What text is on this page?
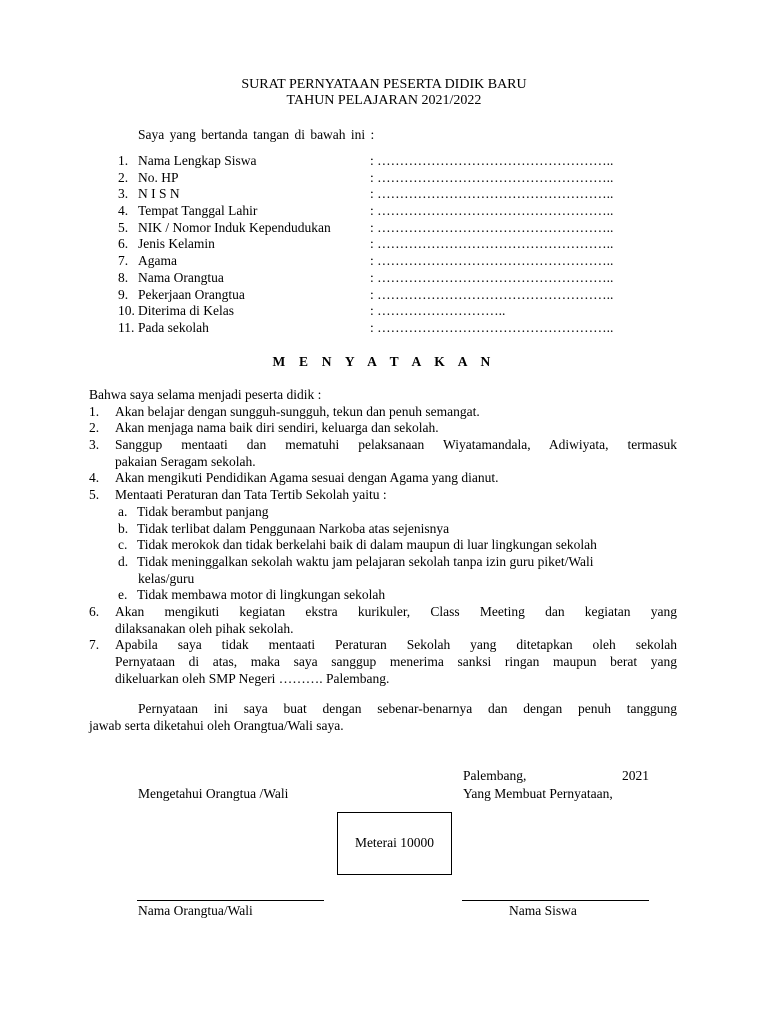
SURAT PERNYATAAN PESERTA DIDIK BARU
TAHUN PELAJARAN 2021/2022
Saya yang bertanda tangan di bawah ini :
1. Nama Lengkap Siswa	: ……………………………………………..
2. No. HP	: ……………………………………………..
3. N I S N	: ……………………………………………..
4. Tempat Tanggal Lahir	: ……………………………………………..
5. NIK / Nomor Induk Kependudukan	: ……………………………………………..
6. Jenis Kelamin	: ……………………………………………..
7. Agama	: ……………………………………………..
8. Nama Orangtua	: ……………………………………………..
9. Pekerjaan Orangtua	: ……………………………………………..
10. Diterima di Kelas	: ………………………..
11. Pada sekolah	: ……………………………………………..
M E N Y A T A K A N
Bahwa saya selama menjadi peserta didik :
1.	Akan belajar dengan sungguh-sungguh, tekun dan penuh semangat.
2.	Akan menjaga nama baik diri sendiri, keluarga dan sekolah.
3.	Sanggup mentaati dan mematuhi pelaksanaan Wiyatamandala, Adiwiyata, termasuk
pakaian Seragam sekolah.
4.	Akan mengikuti Pendidikan Agama sesuai dengan Agama yang dianut.
5.	Mentaati Peraturan dan Tata Tertib Sekolah yaitu :
a. Tidak berambut panjang
b. Tidak terlibat dalam Penggunaan Narkoba atas sejenisnya
c. Tidak merokok dan tidak berkelahi baik di dalam maupun di luar lingkungan sekolah
d. Tidak meninggalkan sekolah waktu jam pelajaran sekolah tanpa izin guru piket/Wali
kelas/guru
e. Tidak membawa motor di lingkungan sekolah
6.	Akan mengikuti kegiatan ekstra kurikuler, Class Meeting dan kegiatan yang
dilaksanakan oleh pihak sekolah.
7.	Apabila saya tidak mentaati Peraturan Sekolah yang ditetapkan oleh sekolah
Pernyataan di atas, maka saya sanggup menerima sanksi ringan maupun berat yang
dikeluarkan oleh SMP Negeri ………. Palembang.
Pernyataan ini saya buat dengan sebenar-benarnya dan dengan penuh tanggung
jawab serta diketahui oleh Orangtua/Wali saya.
Palembang,	2021
Mengetahui Orangtua /Wali	Yang Membuat Pernyataan,
Meterai 10000
Nama Orangtua/Wali	Nama Siswa
